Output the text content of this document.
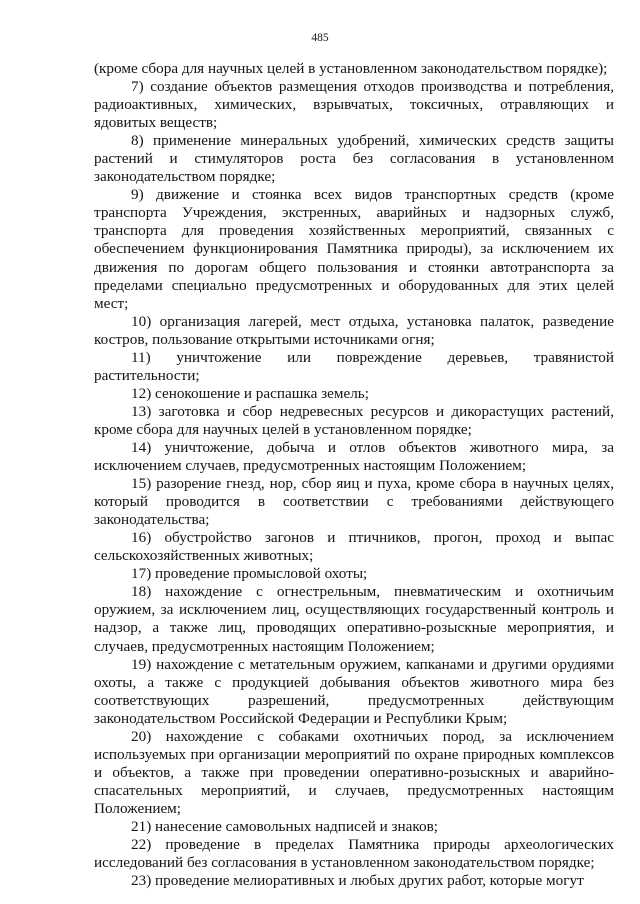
485

(кроме сбора для научных целей в установленном законодательством порядке);

7) создание объектов размещения отходов производства и потребления, радиоактивных, химических, взрывчатых, токсичных, отравляющих и ядовитых веществ;

8) применение минеральных удобрений, химических средств защиты растений и стимуляторов роста без согласования в установленном законодательством порядке;

9) движение и стоянка всех видов транспортных средств (кроме транспорта Учреждения, экстренных, аварийных и надзорных служб, транспорта для проведения хозяйственных мероприятий, связанных с обеспечением функционирования Памятника природы), за исключением их движения по дорогам общего пользования и стоянки автотранспорта за пределами специально предусмотренных и оборудованных для этих целей мест;

10) организация лагерей, мест отдыха, установка палаток, разведение костров, пользование открытыми источниками огня;

11) уничтожение или повреждение деревьев, травянистой растительности;

12) сенокошение и распашка земель;

13) заготовка и сбор недревесных ресурсов и дикорастущих растений, кроме сбора для научных целей в установленном порядке;

14) уничтожение, добыча и отлов объектов животного мира, за исключением случаев, предусмотренных настоящим Положением;

15) разорение гнезд, нор, сбор яиц и пуха, кроме сбора в научных целях, который проводится в соответствии с требованиями действующего законодательства;

16) обустройство загонов и птичников, прогон, проход и выпас сельскохозяйственных животных;

17) проведение промысловой охоты;

18) нахождение с огнестрельным, пневматическим и охотничьим оружием, за исключением лиц, осуществляющих государственный контроль и надзор, а также лиц, проводящих оперативно-розыскные мероприятия, и случаев, предусмотренных настоящим Положением;

19) нахождение с метательным оружием, капканами и другими орудиями охоты, а также с продукцией добывания объектов животного мира без соответствующих разрешений, предусмотренных действующим законодательством Российской Федерации и Республики Крым;

20) нахождение с собаками охотничьих пород, за исключением используемых при организации мероприятий по охране природных комплексов и объектов, а также при проведении оперативно-розыскных и аварийно-спасательных мероприятий, и случаев, предусмотренных настоящим Положением;

21) нанесение самовольных надписей и знаков;

22) проведение в пределах Памятника природы археологических исследований без согласования в установленном законодательством порядке;

23) проведение мелиоративных и любых других работ, которые могут
